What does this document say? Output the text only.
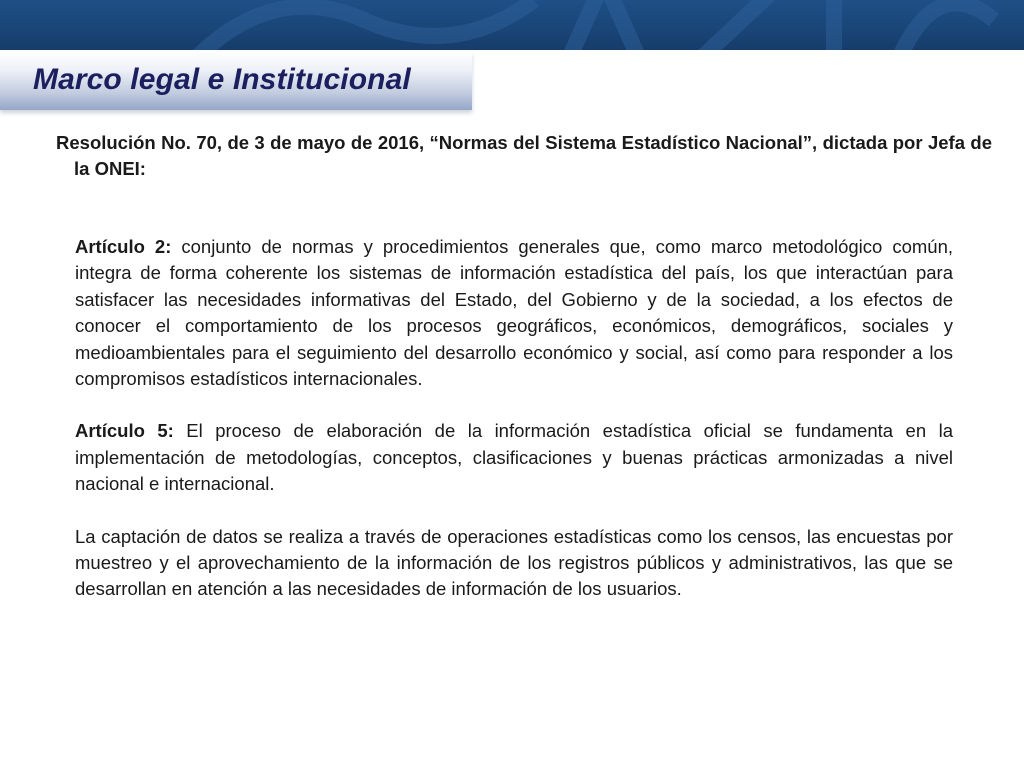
Marco legal e Institucional

Resolución No. 70, de 3 de mayo de 2016, “Normas del Sistema Estadístico Nacional”, dictada por Jefa de la ONEI:

Artículo 2: conjunto de normas y procedimientos generales que, como marco metodológico común, integra de forma coherente los sistemas de información estadística del país, los que interactúan para satisfacer las necesidades informativas del Estado, del Gobierno y de la sociedad, a los efectos de conocer el comportamiento de los procesos geográficos, económicos, demográficos, sociales y medioambientales para el seguimiento del desarrollo económico y social, así como para responder a los compromisos estadísticos internacionales.

Artículo 5: El proceso de elaboración de la información estadística oficial se fundamenta en la implementación de metodologías, conceptos, clasificaciones y buenas prácticas armonizadas a nivel nacional e internacional.

La captación de datos se realiza a través de operaciones estadísticas como los censos, las encuestas por muestreo y el aprovechamiento de la información de los registros públicos y administrativos, las que se desarrollan en atención a las necesidades de información de los usuarios.
